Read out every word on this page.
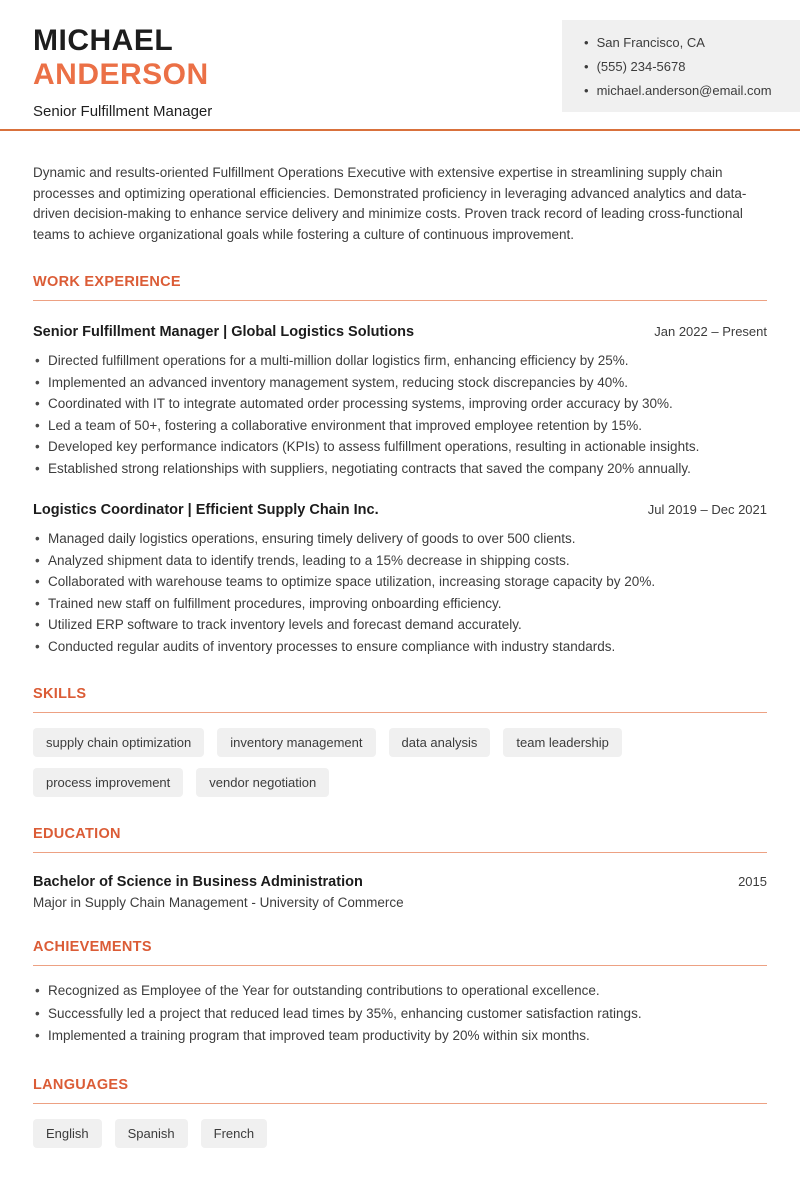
MICHAEL
ANDERSON
Senior Fulfillment Manager
• San Francisco, CA
• (555) 234-5678
• michael.anderson@email.com

Dynamic and results-oriented Fulfillment Operations Executive with extensive expertise in streamlining supply chain processes and optimizing operational efficiencies. Demonstrated proficiency in leveraging advanced analytics and data-driven decision-making to enhance service delivery and minimize costs. Proven track record of leading cross-functional teams to achieve organizational goals while fostering a culture of continuous improvement.

WORK EXPERIENCE
Senior Fulfillment Manager | Global Logistics Solutions	Jan 2022 – Present
• Directed fulfillment operations for a multi-million dollar logistics firm, enhancing efficiency by 25%.
• Implemented an advanced inventory management system, reducing stock discrepancies by 40%.
• Coordinated with IT to integrate automated order processing systems, improving order accuracy by 30%.
• Led a team of 50+, fostering a collaborative environment that improved employee retention by 15%.
• Developed key performance indicators (KPIs) to assess fulfillment operations, resulting in actionable insights.
• Established strong relationships with suppliers, negotiating contracts that saved the company 20% annually.
Logistics Coordinator | Efficient Supply Chain Inc.	Jul 2019 – Dec 2021
• Managed daily logistics operations, ensuring timely delivery of goods to over 500 clients.
• Analyzed shipment data to identify trends, leading to a 15% decrease in shipping costs.
• Collaborated with warehouse teams to optimize space utilization, increasing storage capacity by 20%.
• Trained new staff on fulfillment procedures, improving onboarding efficiency.
• Utilized ERP software to track inventory levels and forecast demand accurately.
• Conducted regular audits of inventory processes to ensure compliance with industry standards.
SKILLS
supply chain optimization	inventory management	data analysis	team leadership
process improvement	vendor negotiation
EDUCATION
Bachelor of Science in Business Administration	2015
Major in Supply Chain Management - University of Commerce
ACHIEVEMENTS
• Recognized as Employee of the Year for outstanding contributions to operational excellence.
• Successfully led a project that reduced lead times by 35%, enhancing customer satisfaction ratings.
• Implemented a training program that improved team productivity by 20% within six months.
LANGUAGES
English	Spanish	French
